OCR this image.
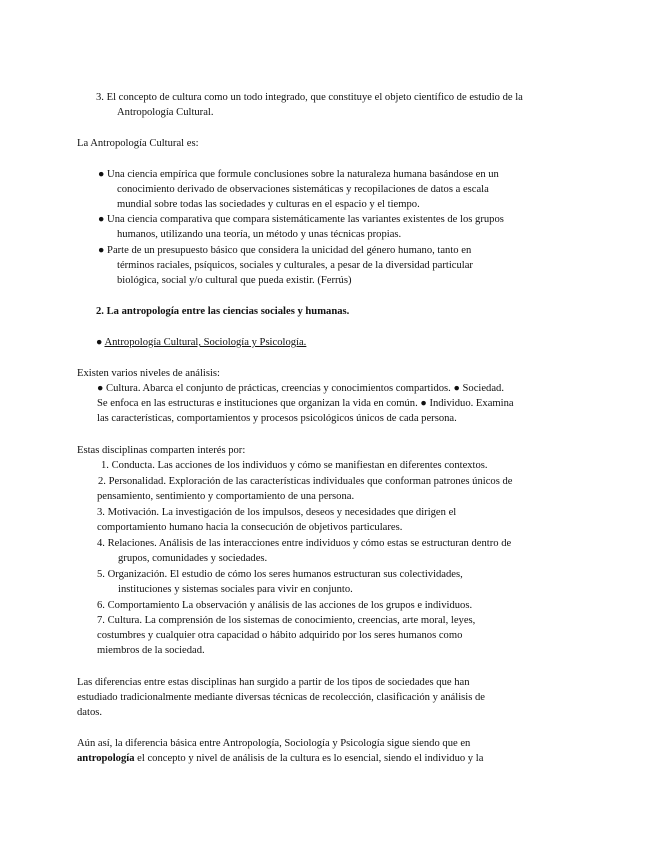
3. El concepto de cultura como un todo integrado, que constituye el objeto científico de estudio de la
Antropología Cultural.
La Antropología Cultural es:
● Una ciencia empírica que formule conclusiones sobre la naturaleza humana basándose en un
conocimiento derivado de observaciones sistemáticas y recopilaciones de datos a escala
mundial sobre todas las sociedades y culturas en el espacio y el tiempo.
● Una ciencia comparativa que compara sistemáticamente las variantes existentes de los grupos
humanos, utilizando una teoría, un método y unas técnicas propias.
● Parte de un presupuesto básico que considera la unicidad del género humano, tanto en
términos raciales, psíquicos, sociales y culturales, a pesar de la diversidad particular
biológica, social y/o cultural que pueda existir. (Ferrús)
2. La antropología entre las ciencias sociales y humanas.
● Antropología Cultural, Sociología y Psicología.
Existen varios niveles de análisis:
● Cultura. Abarca el conjunto de prácticas, creencias y conocimientos compartidos. ● Sociedad.
Se enfoca en las estructuras e instituciones que organizan la vida en común. ● Individuo. Examina
las características, comportamientos y procesos psicológicos únicos de cada persona.
Estas disciplinas comparten interés por:
1. Conducta. Las acciones de los individuos y cómo se manifiestan en diferentes contextos.
2. Personalidad. Exploración de las características individuales que conforman patrones únicos de
pensamiento, sentimiento y comportamiento de una persona.
3. Motivación. La investigación de los impulsos, deseos y necesidades que dirigen el
comportamiento humano hacia la consecución de objetivos particulares.
4. Relaciones. Análisis de las interacciones entre individuos y cómo estas se estructuran dentro de
grupos, comunidades y sociedades.
5. Organización. El estudio de cómo los seres humanos estructuran sus colectividades,
instituciones y sistemas sociales para vivir en conjunto.
6. Comportamiento La observación y análisis de las acciones de los grupos e individuos.
7. Cultura. La comprensión de los sistemas de conocimiento, creencias, arte moral, leyes,
costumbres y cualquier otra capacidad o hábito adquirido por los seres humanos como
miembros de la sociedad.
Las diferencias entre estas disciplinas han surgido a partir de los tipos de sociedades que han
estudiado tradicionalmente mediante diversas técnicas de recolección, clasificación y análisis de
datos.
Aún así, la diferencia básica entre Antropología, Sociología y Psicología sigue siendo que en
antropología el concepto y nivel de análisis de la cultura es lo esencial, siendo el individuo y la
